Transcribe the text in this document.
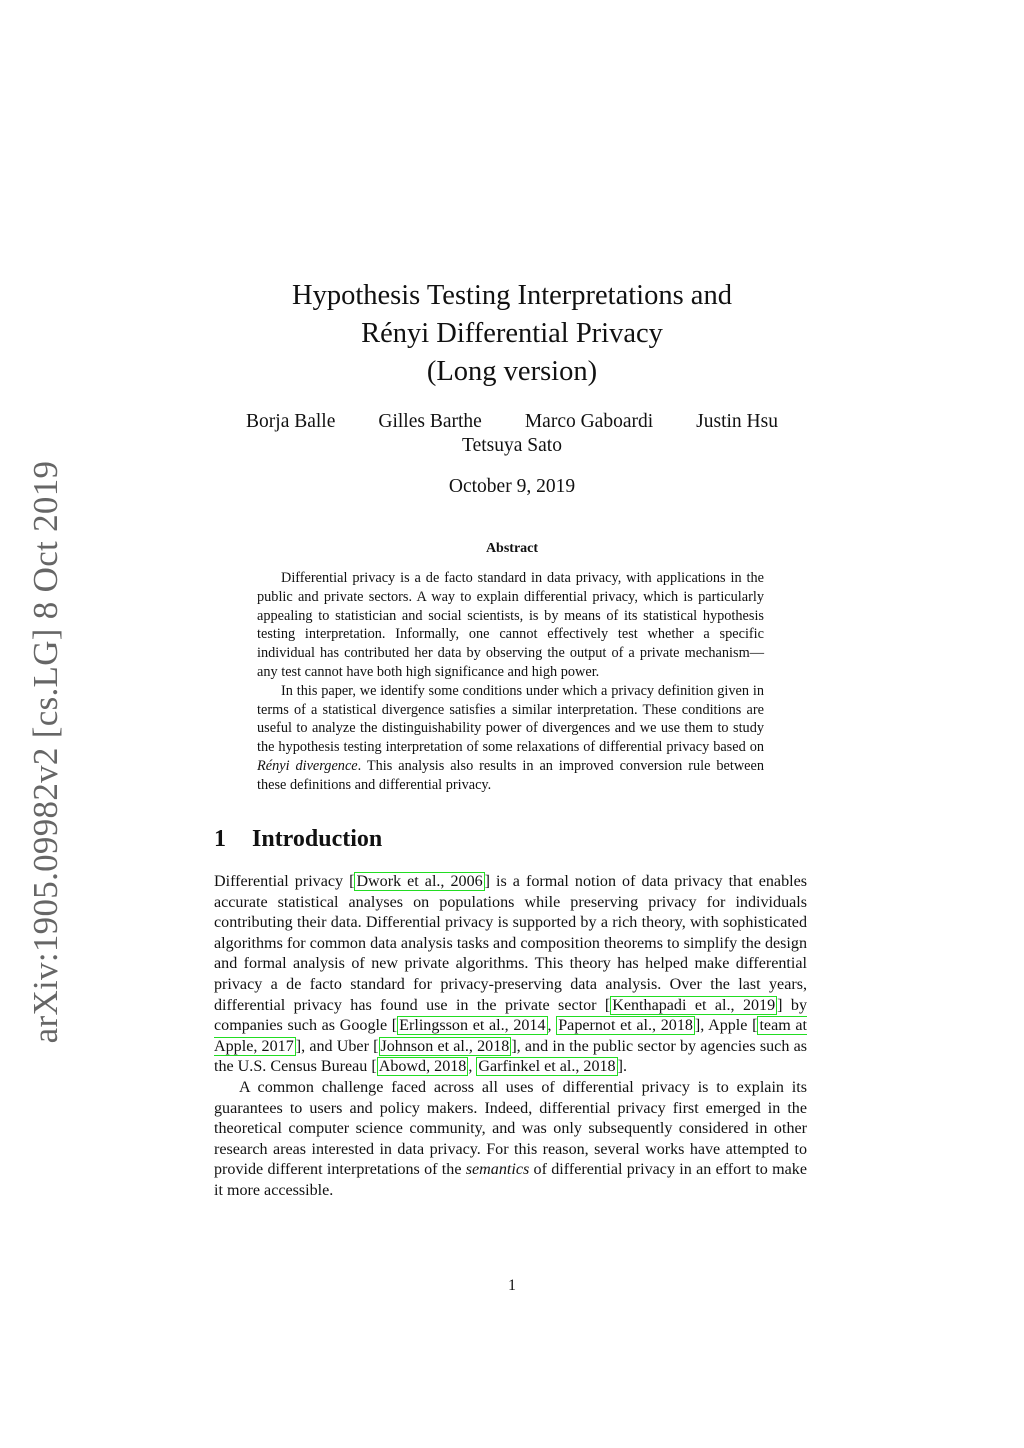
arXiv:1905.09982v2 [cs.LG] 8 Oct 2019
Hypothesis Testing Interpretations and
Rényi Differential Privacy
(Long version)
Borja Balle Gilles Barthe Marco Gaboardi Justin Hsu
Tetsuya Sato
October 9, 2019
Abstract

Differential privacy is a de facto standard in data privacy, with applications in the public and private sectors. A way to explain differential privacy, which is particularly appealing to statistician and social scientists, is by means of its statistical hypothesis testing interpretation. Informally, one cannot effectively test whether a specific individual has contributed her data by observing the output of a private mechanism—any test cannot have both high significance and high power.

In this paper, we identify some conditions under which a privacy definition given in terms of a statistical divergence satisfies a similar interpretation. These conditions are useful to analyze the distinguishability power of divergences and we use them to study the hypothesis testing interpretation of some relaxations of differential privacy based on Rényi divergence. This analysis also results in an improved conversion rule between these definitions and differential privacy.

1 Introduction

Differential privacy [ Dwork et al., 2006 ] is a formal notion of data privacy that enables accurate statistical analyses on populations while preserving privacy for individuals contributing their data. Differential privacy is supported by a rich theory, with sophisticated algorithms for common data analysis tasks and composition theorems to simplify the design and formal analysis of new private algorithms. This theory has helped make differential privacy a de facto standard for privacy-preserving data analysis. Over the last years, differential privacy has found use in the private sector [ Kenthapadi et al., 2019 ] by companies such as Google [ Erlingsson et al., 2014 , Papernot et al., 2018 ], Apple [ team at Apple, 2017 ], and Uber [ Johnson et al., 2018 ], and in the public sector by agencies such as the U.S. Census Bureau [ Abowd, 2018 , Garfinkel et al., 2018 ].

A common challenge faced across all uses of differential privacy is to explain its guarantees to users and policy makers. Indeed, differential privacy first emerged in the theoretical computer science community, and was only subsequently considered in other research areas interested in data privacy. For this reason, several works have attempted to provide different interpretations of the semantics of differential privacy in an effort to make it more accessible.

1
